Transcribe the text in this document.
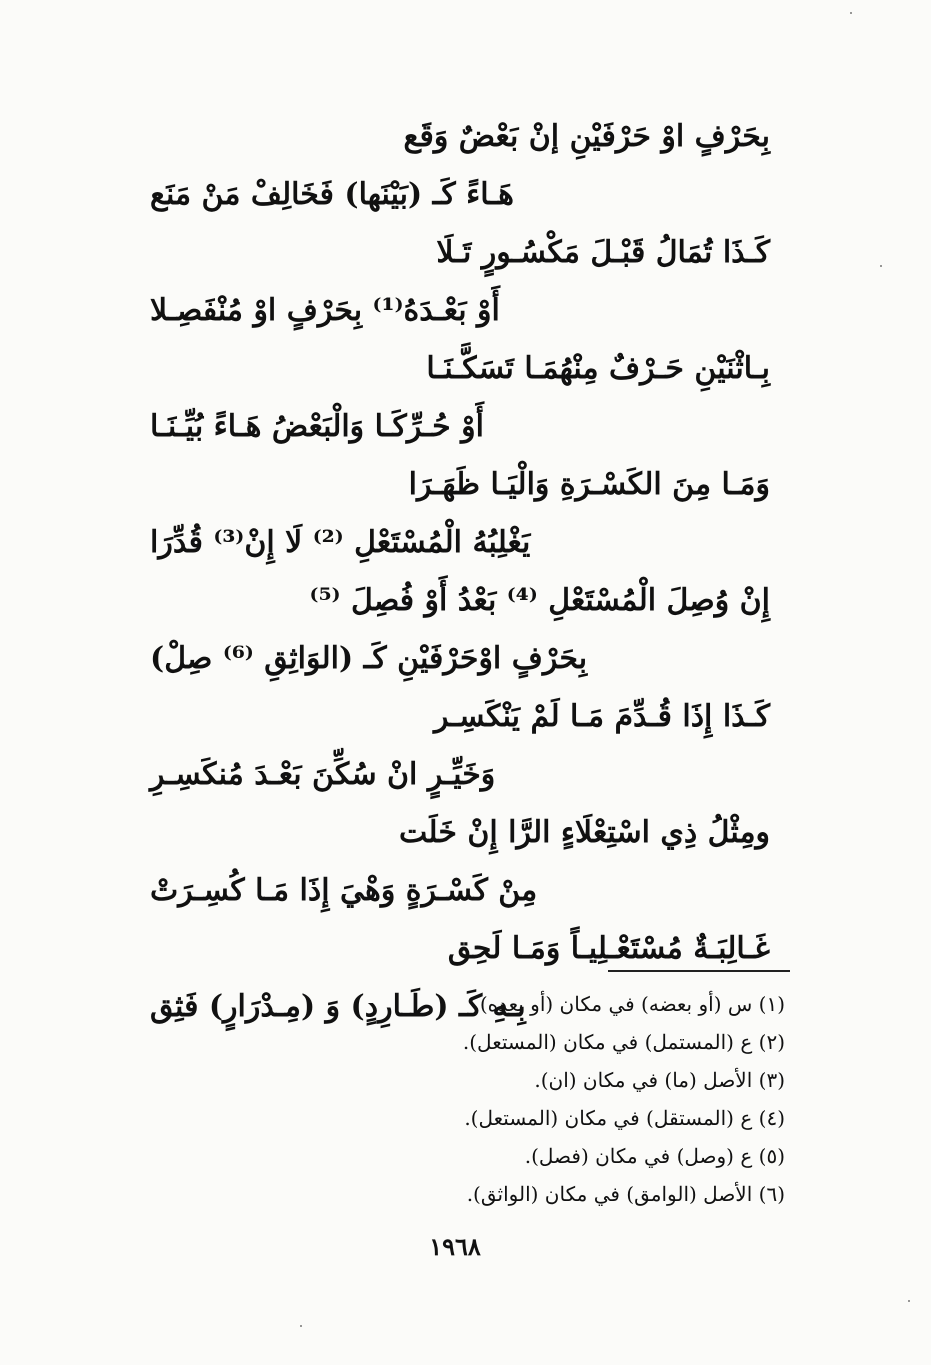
بِحَرْفٍ اوْ حَرْفَيْنِ إنْ بَعْضٌ وَقَع
هَـاءً كَـ (بَيْنَها) فَخَالِفْ مَنْ مَنَع
كَـذَا تُمَالُ قَبْـلَ مَكْسُـورٍ تَـلَا
أَوْ بَعْـدَهُ⁽¹⁾ بِحَرْفٍ اوْ مُنْفَصِـلا
بِـاثْنَيْنِ حَـرْفٌ مِنْهُمَـا تَسَكَّـنَـا
أَوْ حُـرِّكَـا وَالْبَعْضُ هَـاءً بُيِّـنَـا
وَمَـا مِنَ الكَسْـرَةِ وَالْيَـا ظَهَـرَا
يَغْلِبُهُ الْمُسْتَعْلِ ⁽²⁾ لَا إِنْ⁽³⁾ قُدِّرَا
إِنْ وُصِلَ الْمُسْتَعْلِ ⁽⁴⁾ بَعْدُ أَوْ فُصِلَ ⁽⁵⁾
بِحَرْفٍ اوْحَرْفَيْنِ كَـ (الوَاثِقِ ⁽⁶⁾ صِلْ)
كَـذَا إِذَا قُـدِّمَ مَـا لَمْ يَنْكَسِـر
وَخَيِّـرٍ انْ سُكِّنَ بَعْـدَ مُنكَسِـرِ
ومِثْلُ ذِي اسْتِعْلَاءٍ الرَّا إِنْ خَلَت
مِنْ كَسْـرَةٍ وَهْيَ إِذَا مَـا كُسِـرَتْ
غَـالِبَـةٌ مُسْتَعْـلِيـاً وَمَـا لَحِق
بِـهِ كَـ (طَـارِدٍ) وَ (مِـدْرَارٍ) فَثِق
(١) س (أو بعضه) في مكان (أو بعده).
(٢) ع (المستمل) في مكان (المستعل).
(٣) الأصل (ما) في مكان (ان).
(٤) ع (المستقل) في مكان (المستعل).
(٥) ع (وصل) في مكان (فصل).
(٦) الأصل (الوامق) في مكان (الواثق).
١٩٦٨
